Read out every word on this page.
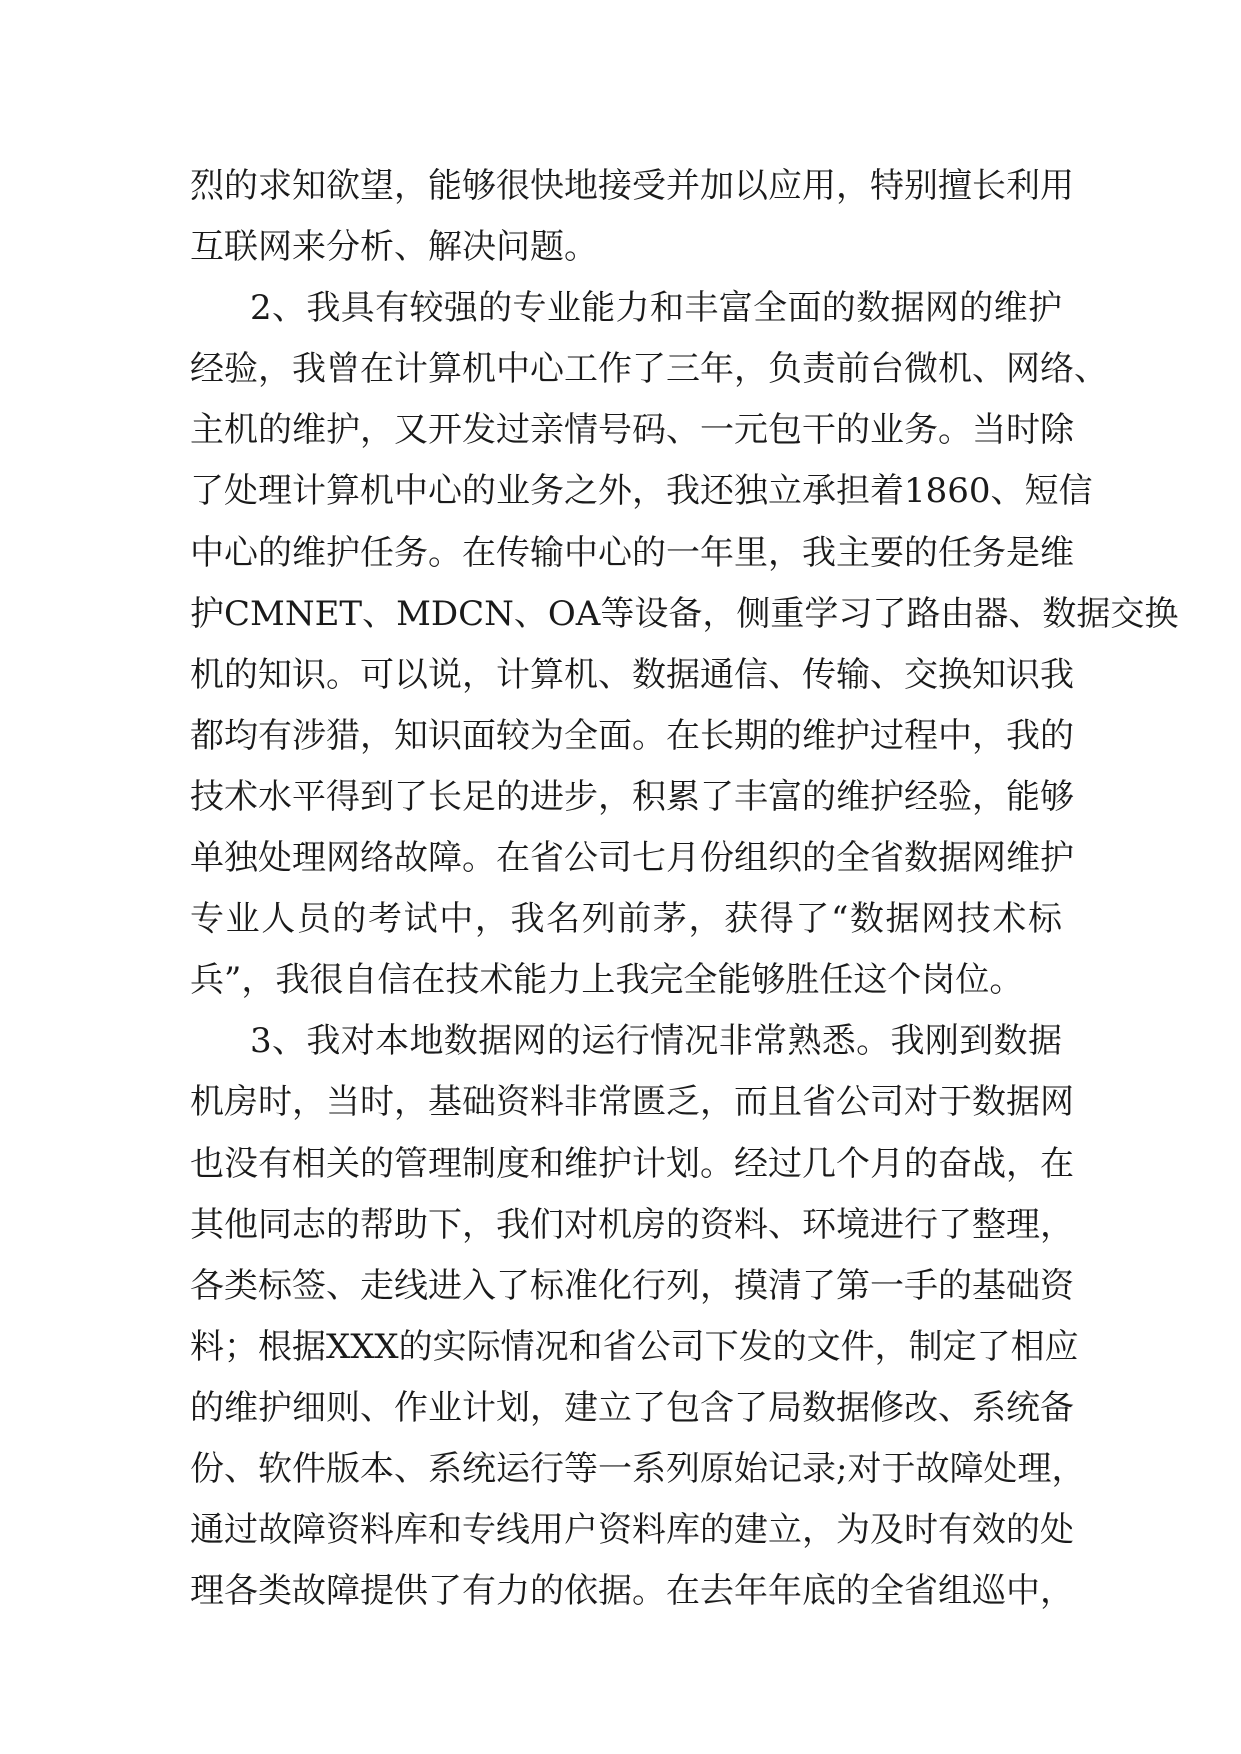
烈的求知欲望，能够很快地接受并加以应用，特别擅长利用
互联网来分析、解决问题。
2、我具有较强的专业能力和丰富全面的数据网的维护
经验，我曾在计算机中心工作了三年，负责前台微机、网络、
主机的维护，又开发过亲情号码、一元包干的业务。当时除
了处理计算机中心的业务之外，我还独立承担着1860、短信
中心的维护任务。在传输中心的一年里，我主要的任务是维
护CMNET、MDCN、OA等设备，侧重学习了路由器、数据交换
机的知识。可以说，计算机、数据通信、传输、交换知识我
都均有涉猎，知识面较为全面。在长期的维护过程中，我的
技术水平得到了长足的进步，积累了丰富的维护经验，能够
单独处理网络故障。在省公司七月份组织的全省数据网维护
专业人员的考试中，我名列前茅，获得了“数据网技术标
兵”，我很自信在技术能力上我完全能够胜任这个岗位。
3、我对本地数据网的运行情况非常熟悉。我刚到数据
机房时，当时，基础资料非常匮乏，而且省公司对于数据网
也没有相关的管理制度和维护计划。经过几个月的奋战，在
其他同志的帮助下，我们对机房的资料、环境进行了整理，
各类标签、走线进入了标准化行列，摸清了第一手的基础资
料；根据XXX的实际情况和省公司下发的文件，制定了相应
的维护细则、作业计划，建立了包含了局数据修改、系统备
份、软件版本、系统运行等一系列原始记录;对于故障处理，
通过故障资料库和专线用户资料库的建立，为及时有效的处
理各类故障提供了有力的依据。在去年年底的全省组巡中，
